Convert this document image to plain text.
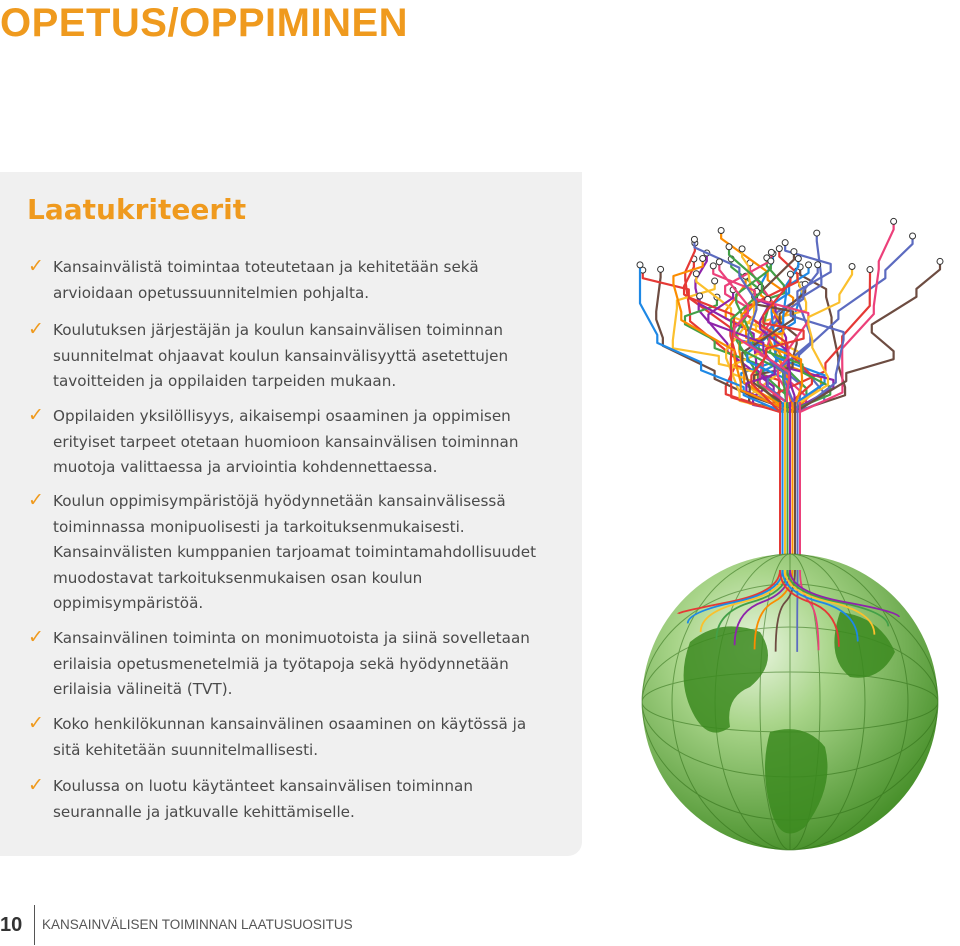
OPETUS/OPPIMINEN
Laatukriteerit
✓ Kansainvälistä toimintaa toteutetaan ja kehitetään sekä arvioidaan opetussuunnitelmien pohjalta.

✓ Koulutuksen järjestäjän ja koulun kansainvälisen toiminnan suunnitelmat ohjaavat koulun kansainvälisyyttä asetettujen tavoitteiden ja oppilaiden tarpeiden mukaan.

✓ Oppilaiden yksilöllisyys, aikaisempi osaaminen ja oppimisen erityiset tarpeet otetaan huomioon kansainvälisen toiminnan muotoja valittaessa ja arviointia kohdennettaessa.

✓ Koulun oppimisympäristöjä hyödynnetään kansainvälisessä toiminnassa monipuolisesti ja tarkoituksenmukaisesti.

Kansainvälisten kumppanien tarjoamat toimintamahdollisuudet muodostavat tarkoituksenmukaisen osan koulun oppimisympäristöä.

✓ Kansainvälinen toiminta on monimuotoista ja siinä sovelletaan erilaisia opetusmenetelmiä ja työtapoja sekä hyödynnetään erilaisia välineitä (TVT).

✓ Koko henkilökunnan kansainvälinen osaaminen on käytössä ja sitä kehitetään suunnitelmallisesti.

✓ Koulussa on luotu käytänteet kansainvälisen toiminnan seurannalle ja jatkuvalle kehittämiselle.

10 KANSAINVÄLISEN TOIMINNAN LAATUSUOSITUS
